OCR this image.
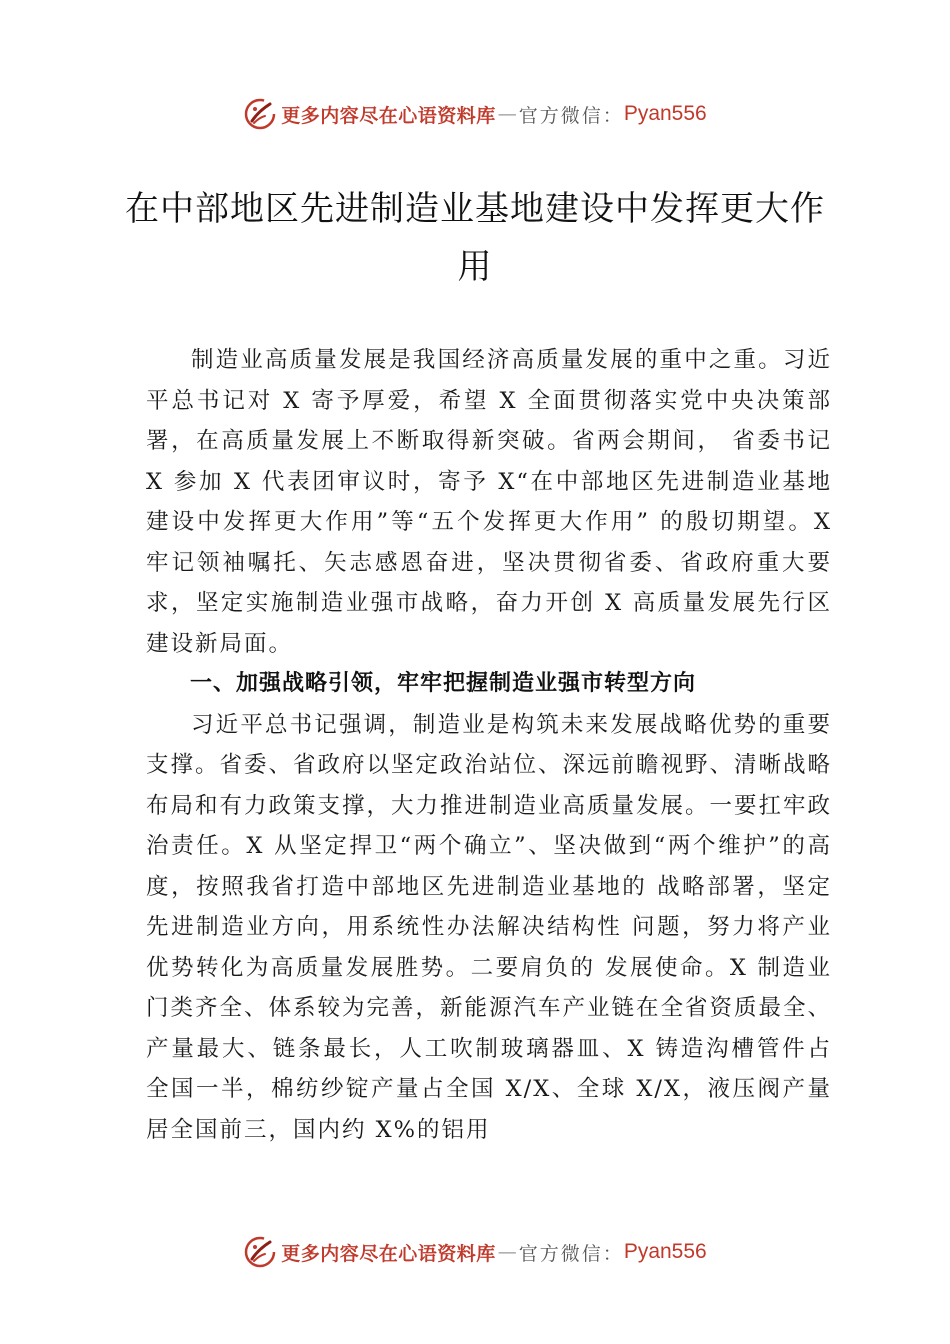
更多内容尽在心语资料库 — 官方微信： Pyan556
在中部地区先进制造业基地建设中发挥更大作用

制造业高质量发展是我国经济高质量发展的重中之重。习近平总书记对 X 寄予厚爱，希望 X 全面贯彻落实党中央决策部署，在高质量发展上不断取得新突破。省两会期间， 省委书记 X 参加 X 代表团审议时，寄予 X“在中部地区先进制造业基地建设中发挥更大作用”等“五个发挥更大作用” 的殷切期望。X 牢记领袖嘱托、矢志感恩奋进，坚决贯彻省委、省政府重大要求，坚定实施制造业强市战略，奋力开创 X 高质量发展先行区建设新局面。

一、加强战略引领，牢牢把握制造业强市转型方向

习近平总书记强调，制造业是构筑未来发展战略优势的重要支撑。省委、省政府以坚定政治站位、深远前瞻视野、清晰战略布局和有力政策支撑，大力推进制造业高质量发展。一要扛牢政治责任。X 从坚定捍卫“两个确立”、坚决做到“两个维护”的高度，按照我省打造中部地区先进制造业基地的 战略部署，坚定先进制造业方向，用系统性办法解决结构性 问题，努力将产业优势转化为高质量发展胜势。二要肩负的 发展使命。X 制造业门类齐全、体系较为完善，新能源汽车产业链在全省资质最全、产量最大、链条最长，人工吹制玻璃器皿、X 铸造沟槽管件占全国一半，棉纺纱锭产量占全国 X/X、全球 X/X，液压阀产量居全国前三，国内约 X%的铝用

更多内容尽在心语资料库 — 官方微信： Pyan556
